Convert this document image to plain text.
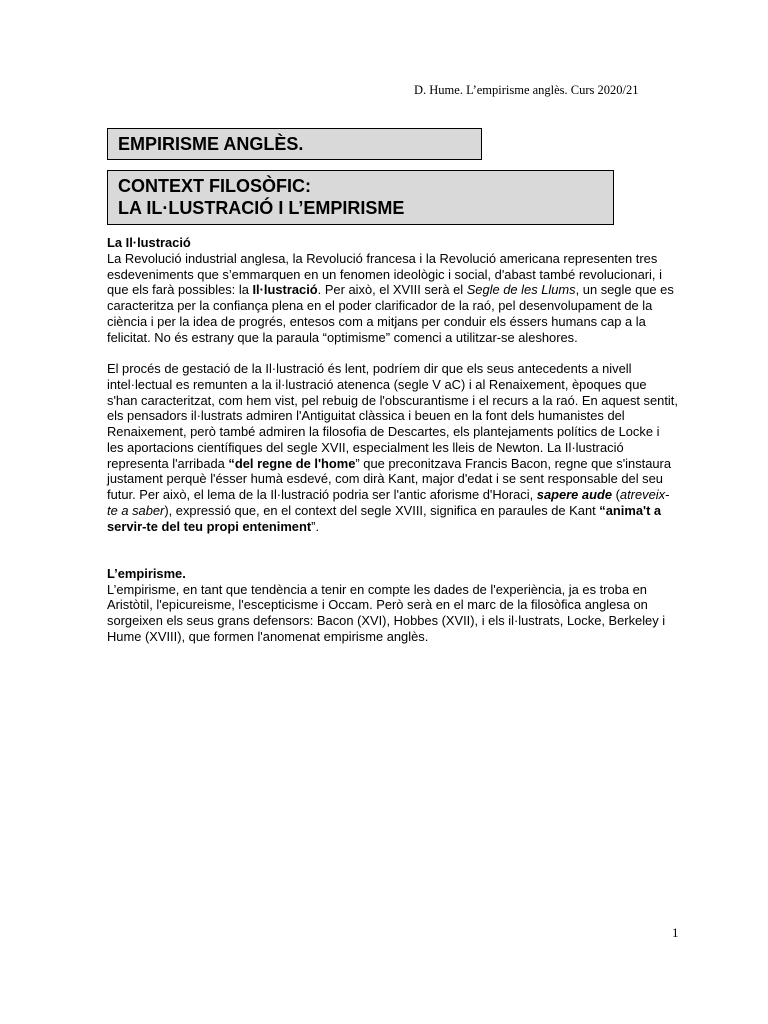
D. Hume. L’empirisme anglès. Curs 2020/21
EMPIRISME ANGLÈS.
CONTEXT FILOSÒFIC:
LA IL·LUSTRACIÓ I L’EMPIRISME
La Il·lustració

La Revolució industrial anglesa, la Revolució francesa i la Revolució americana representen tres esdeveniments que s’emmarquen en un fenomen ideològic i social, d'abast també revolucionari, i que els farà possibles: la Il·lustració. Per això, el XVIII serà el Segle de les Llums, un segle que es caracteritza per la confiança plena en el poder clarificador de la raó, pel desenvolupament de la ciència i per la idea de progrés, entesos com a mitjans per conduir els éssers humans cap a la felicitat. No és estrany que la paraula “optimisme” comenci a utilitzar-se aleshores.

El procés de gestació de la Il·lustració és lent, podríem dir que els seus antecedents a nivell intel·lectual es remunten a la il·lustració atenenca (segle V aC) i al Renaixement, èpoques que s'han caracteritzat, com hem vist, pel rebuig de l'obscurantisme i el recurs a la raó. En aquest sentit, els pensadors il·lustrats admiren l'Antiguitat clàssica i beuen en la font dels humanistes del Renaixement, però també admiren la filosofia de Descartes, els plantejaments polítics de Locke i les aportacions científiques del segle XVII, especialment les lleis de Newton. La Il·lustració representa l'arribada “del regne de l'home” que preconitzava Francis Bacon, regne que s'instaura justament perquè l'ésser humà esdevé, com dirà Kant, major d'edat i se sent responsable del seu futur. Per això, el lema de la Il·lustració podria ser l'antic aforisme d'Horaci, sapere aude (atreveix-te a saber), expressió que, en el context del segle XVIII, significa en paraules de Kant “anima't a servir-te del teu propi enteniment”.

L’empirisme.

L’empirisme, en tant que tendència a tenir en compte les dades de l'experiència, ja es troba en Aristòtil, l'epicureisme, l'escepticisme i Occam. Però serà en el marc de la filosòfica anglesa on sorgeixen els seus grans defensors: Bacon (XVI), Hobbes (XVII), i els il·lustrats, Locke, Berkeley i Hume (XVIII), que formen l'anomenat empirisme anglès.

1
